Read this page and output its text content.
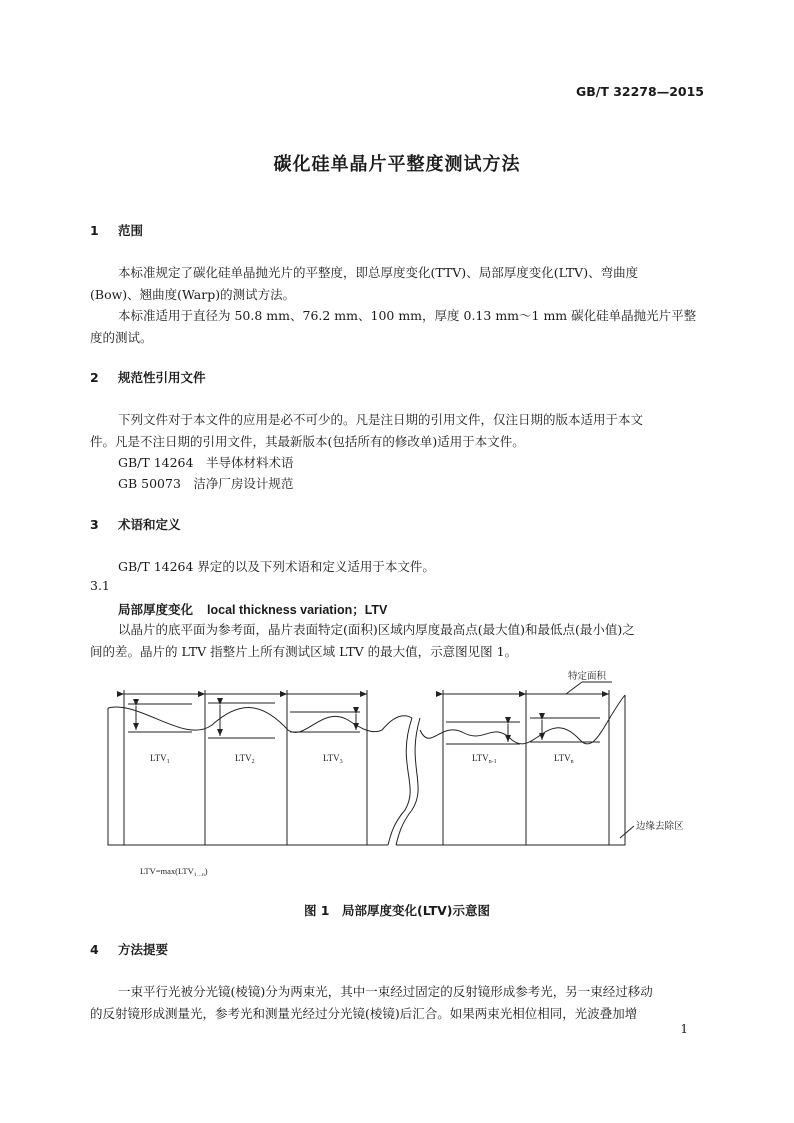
GB/T 32278—2015
碳化硅单晶片平整度测试方法
1 范围
本标准规定了碳化硅单晶抛光片的平整度，即总厚度变化(TTV)、局部厚度变化(LTV)、弯曲度
(Bow)、翘曲度(Warp)的测试方法。
本标准适用于直径为 50.8 mm、76.2 mm、100 mm，厚度 0.13 mm～1 mm 碳化硅单晶抛光片平整
度的测试。
2 规范性引用文件
下列文件对于本文件的应用是必不可少的。凡是注日期的引用文件，仅注日期的版本适用于本文
件。凡是不注日期的引用文件，其最新版本(包括所有的修改单)适用于本文件。
GB/T 14264　半导体材料术语
GB 50073　洁净厂房设计规范
3 术语和定义
GB/T 14264 界定的以及下列术语和定义适用于本文件。
3.1
局部厚度变化 local thickness variation；LTV
以晶片的底平面为参考面，晶片表面特定(面积)区域内厚度最高点(最大值)和最低点(最小值)之
间的差。晶片的 LTV 指整片上所有测试区域 LTV 的最大值，示意图见图 1。
$LTV_1$	$LTV_2$	$LTV_3$	$LTV_{n-1}$	$LTV_n$
特定面积
边缘去除区
$LTV=\max(LTV_{1\dots n})$
图 1　局部厚度变化(LTV)示意图
4 方法提要
一束平行光被分光镜(棱镜)分为两束光，其中一束经过固定的反射镜形成参考光，另一束经过移动
的反射镜形成测量光，参考光和测量光经过分光镜(棱镜)后汇合。如果两束光相位相同，光波叠加增
1
